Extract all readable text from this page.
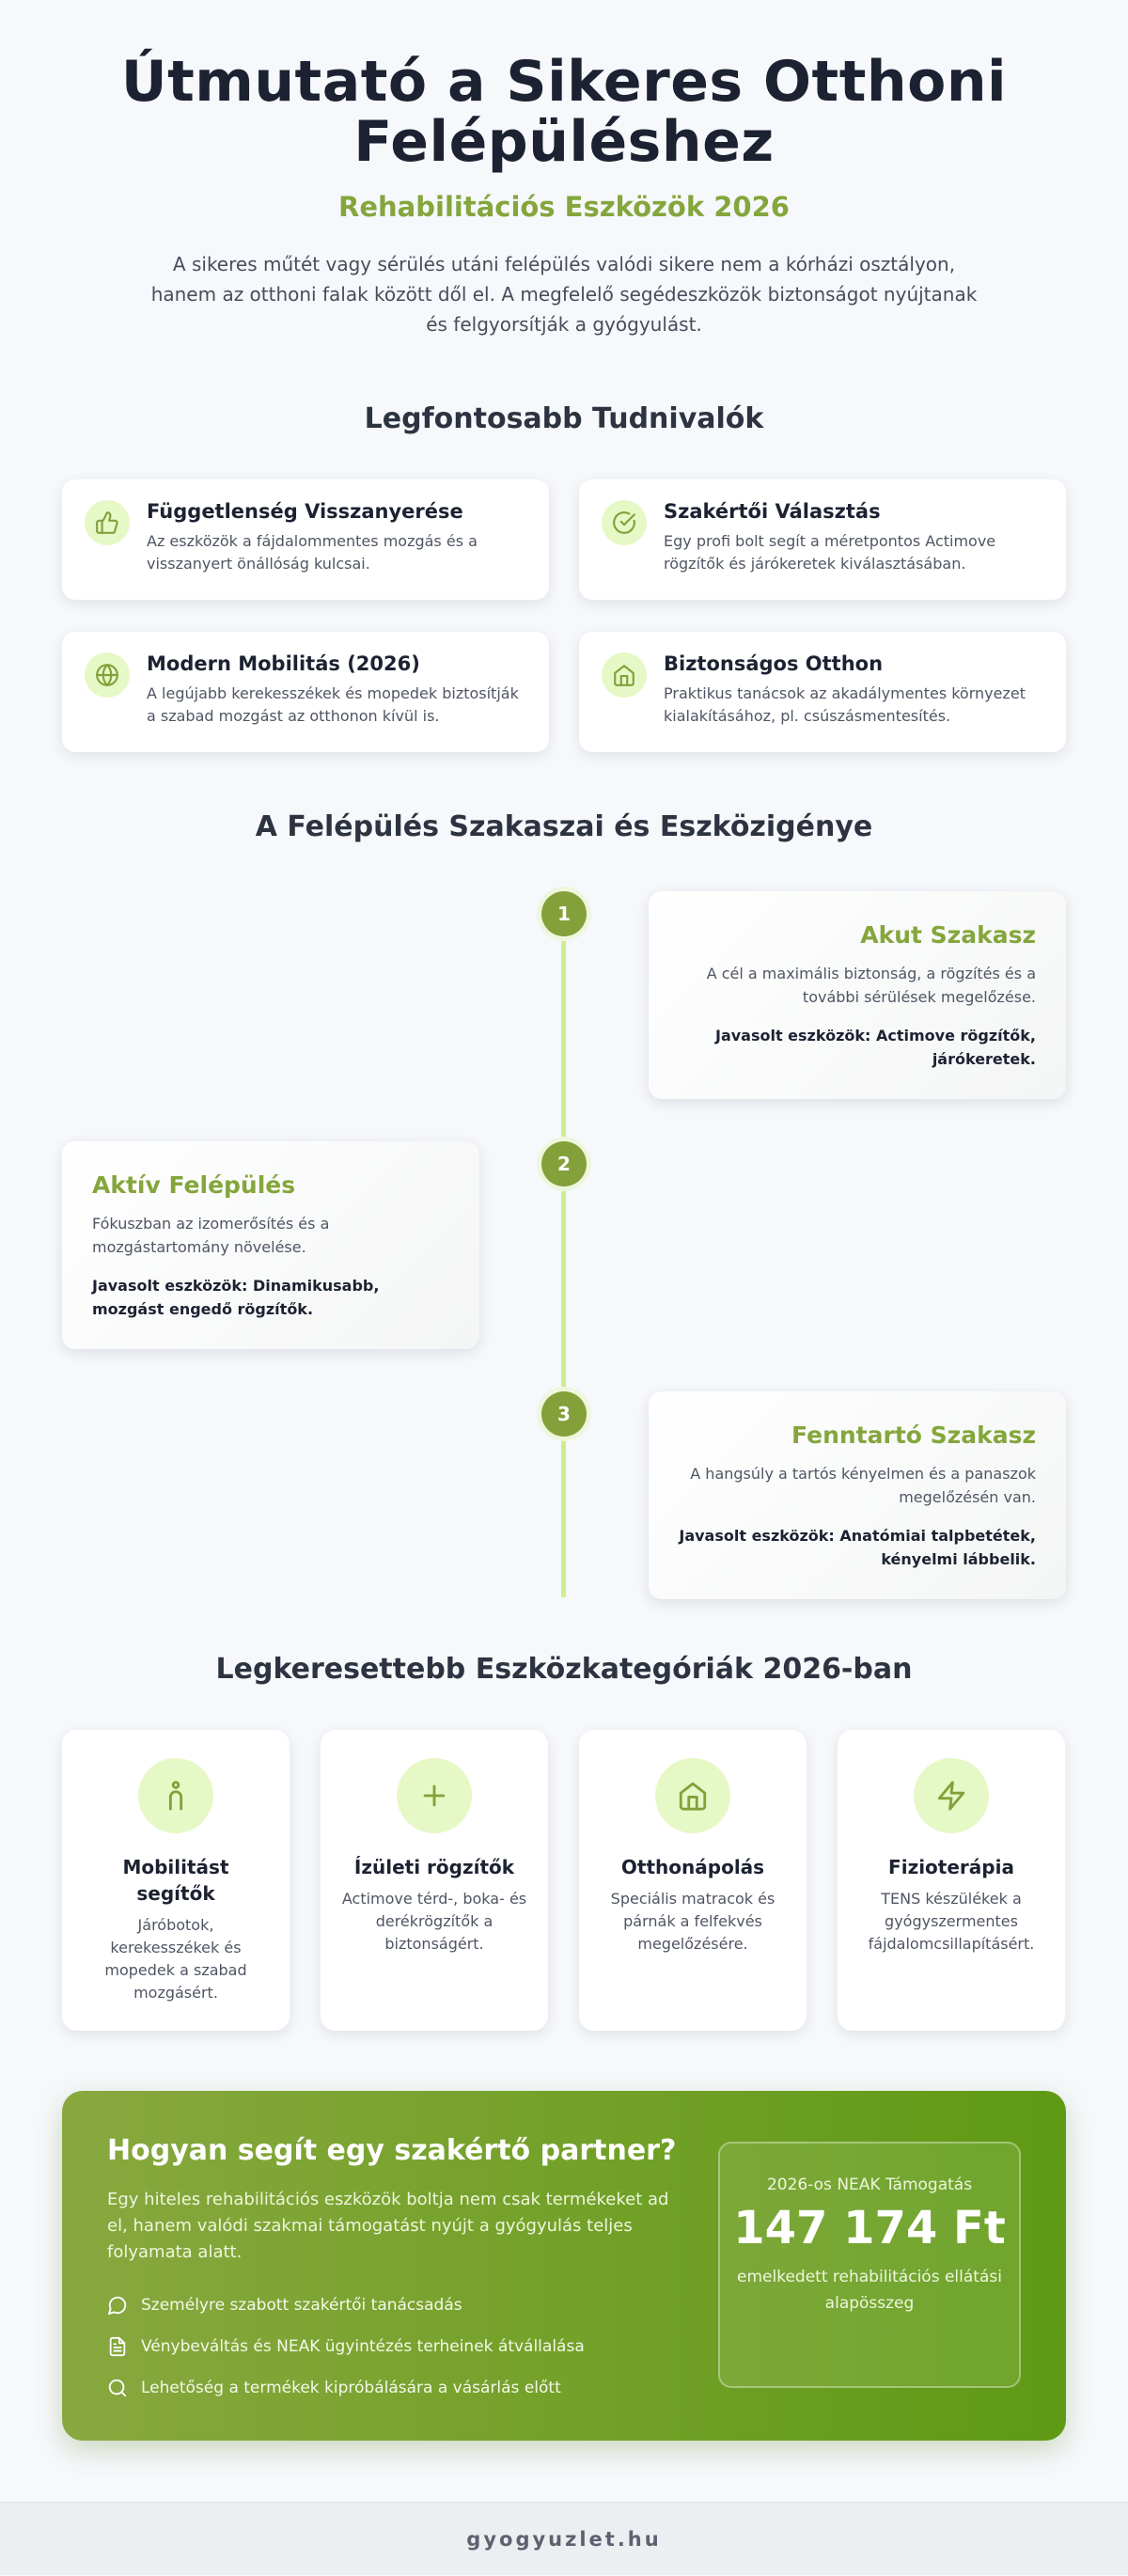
Útmutató a Sikeres Otthoni Felépüléshez
Rehabilitációs Eszközök 2026

A sikeres műtét vagy sérülés utáni felépülés valódi sikere nem a kórházi osztályon, hanem az otthoni falak között dől el. A megfelelő segédeszközök biztonságot nyújtanak és felgyorsítják a gyógyulást.

Legfontosabb Tudnivalók
Függetlenség Visszanyerése
Az eszközök a fájdalommentes mozgás és a visszanyert önállóság kulcsai.
Szakértői Választás
Egy profi bolt segít a méretpontos Actimove rögzítők és járókeretek kiválasztásában.
Modern Mobilitás (2026)
A legújabb kerekesszékek és mopedek biztosítják a szabad mozgást az otthonon kívül is.
Biztonságos Otthon
Praktikus tanácsok az akadálymentes környezet kialakításához, pl. csúszásmentesítés.
A Felépülés Szakaszai és Eszközigénye
1
Akut Szakasz
A cél a maximális biztonság, a rögzítés és a további sérülések megelőzése.
Javasolt eszközök: Actimove rögzítők, járókeretek.
2
Aktív Felépülés
Fókuszban az izomerősítés és a mozgástartomány növelése.
Javasolt eszközök: Dinamikusabb, mozgást engedő rögzítők.
3
Fenntartó Szakasz
A hangsúly a tartós kényelmen és a panaszok megelőzésén van.
Javasolt eszközök: Anatómiai talpbetétek, kényelmi lábbelik.
Legkeresettebb Eszközkategóriák 2026-ban
Mobilitást segítők
Járóbotok, kerekesszékek és mopedek a szabad mozgásért.
Ízületi rögzítők
Actimove térd-, boka- és derékrögzítők a biztonságért.
Otthonápolás
Speciális matracok és párnák a felfekvés megelőzésére.
Fizioterápia
TENS készülékek a gyógyszermentes fájdalomcsillapításért.
Hogyan segít egy szakértő partner?

Egy hiteles rehabilitációs eszközök boltja nem csak termékeket ad el, hanem valódi szakmai támogatást nyújt a gyógyulás teljes folyamata alatt.

Személyre szabott szakértői tanácsadás
Vénybeváltás és NEAK ügyintézés terheinek átvállalása
Lehetőség a termékek kipróbálására a vásárlás előtt
2026-os NEAK Támogatás
147 174 Ft
emelkedett rehabilitációs ellátási alapösszeg
gyogyuzlet.hu
